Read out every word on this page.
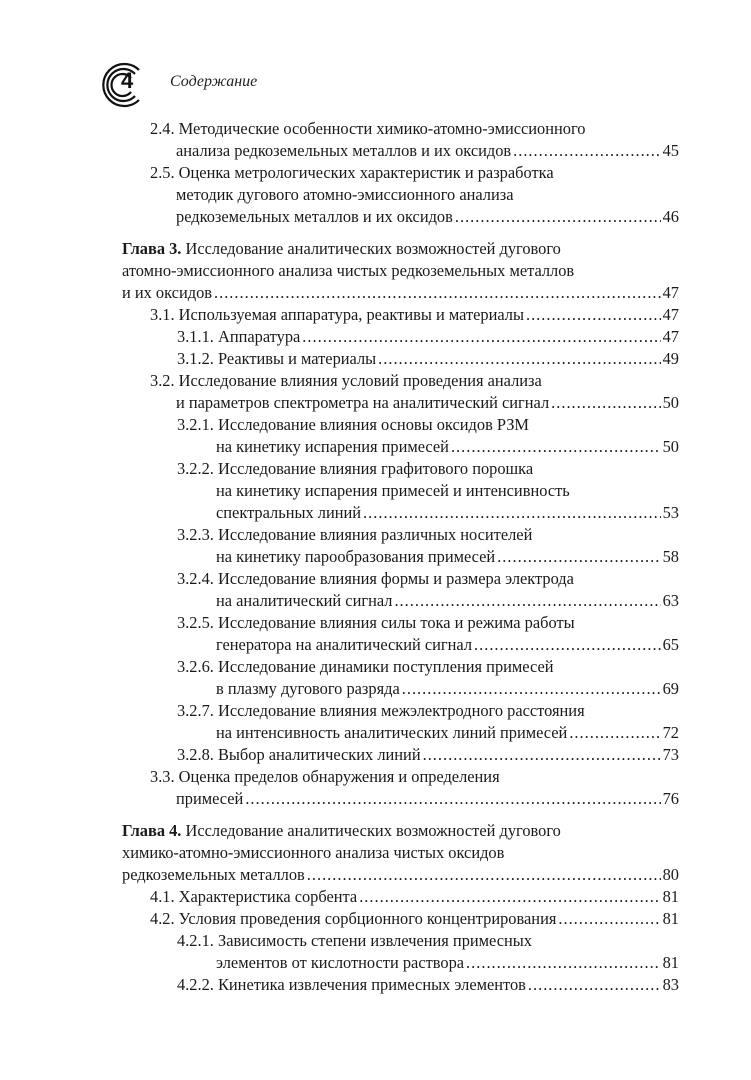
4 Содержание
2.4. Методические особенности химико-атомно-эмиссионного
анализа редкоземельных металлов и их оксидов .....	45
2.5. Оценка метрологических характеристик и разработка
методик дугового атомно-эмиссионного анализа
редкоземельных металлов и их оксидов .....	46
Глава 3.
Исследование аналитических возможностей дугового
атомно-эмиссионного анализа чистых редкоземельных металлов
и их оксидов .....	47
3.1. Используемая аппаратура, реактивы и материалы .....	47
3.1.1. Аппаратура .....	47
3.1.2. Реактивы и материалы .....	49
3.2. Исследование влияния условий проведения анализа
и параметров спектрометра на аналитический сигнал .....	50
3.2.1. Исследование влияния основы оксидов РЗМ
на кинетику испарения примесей .....	50
3.2.2. Исследование влияния графитового порошка
на кинетику испарения примесей и интенсивность
спектральных линий .....	53
3.2.3. Исследование влияния различных носителей
на кинетику парообразования примесей .....	58
3.2.4. Исследование влияния формы и размера электрода
на аналитический сигнал .....	63
3.2.5. Исследование влияния силы тока и режима работы
генератора на аналитический сигнал .....	65
3.2.6. Исследование динамики поступления примесей
в плазму дугового разряда .....	69
3.2.7. Исследование влияния межэлектродного расстояния
на интенсивность аналитических линий примесей .....	72
3.2.8. Выбор аналитических линий .....	73
3.3. Оценка пределов обнаружения и определения
примесей .....	76
Глава 4.
Исследование аналитических возможностей дугового
химико-атомно-эмиссионного анализа чистых оксидов
редкоземельных металлов .....	80
4.1. Характеристика сорбента .....	81
4.2. Условия проведения сорбционного концентрирования .....	81
4.2.1. Зависимость степени извлечения примесных
элементов от кислотности раствора .....	81
4.2.2. Кинетика извлечения примесных элементов .....	83
